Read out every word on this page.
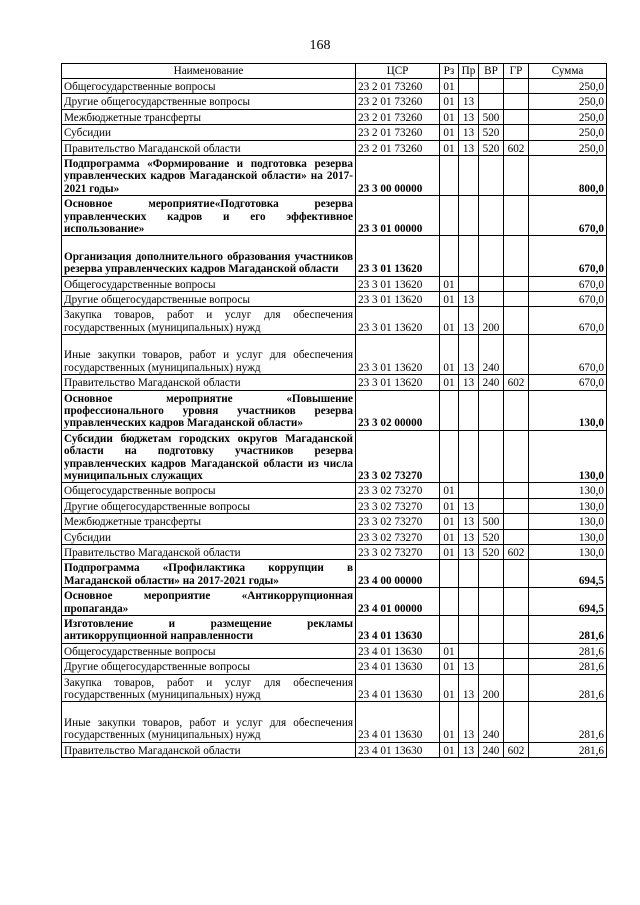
168
Наименование	ЦСР	Рз	Пр	ВР	ГР	Сумма
Общегосударственные вопросы	23 2 01 73260	01				250,0
Другие общегосударственные вопросы	23 2 01 73260	01	13			250,0
Межбюджетные трансферты	23 2 01 73260	01	13	500		250,0
Субсидии	23 2 01 73260	01	13	520		250,0
Правительство Магаданской области	23 2 01 73260	01	13	520	602	250,0
Подпрограмма «Формирование и подготовка резерва управленческих кадров Магаданской области» на 2017-2021 годы»	23 3 00 00000					800,0
Основное мероприятие«Подготовка резерва управленческих кадров и его эффективное использование»	23 3 01 00000					670,0
Организация дополнительного образования участников резерва управленческих кадров Магаданской области	23 3 01 13620					670,0
Общегосударственные вопросы	23 3 01 13620	01				670,0
Другие общегосударственные вопросы	23 3 01 13620	01	13			670,0
Закупка товаров, работ и услуг для обеспечения государственных (муниципальных) нужд	23 3 01 13620	01	13	200		670,0
Иные закупки товаров, работ и услуг для обеспечения государственных (муниципальных) нужд	23 3 01 13620	01	13	240		670,0
Правительство Магаданской области	23 3 01 13620	01	13	240	602	670,0
Основное мероприятие «Повышение профессионального уровня участников резерва управленческих кадров Магаданской области»	23 3 02 00000					130,0
Субсидии бюджетам городских округов Магаданской области на подготовку участников резерва управленческих кадров Магаданской области из числа муниципальных служащих	23 3 02 73270					130,0
Общегосударственные вопросы	23 3 02 73270	01				130,0
Другие общегосударственные вопросы	23 3 02 73270	01	13			130,0
Межбюджетные трансферты	23 3 02 73270	01	13	500		130,0
Субсидии	23 3 02 73270	01	13	520		130,0
Правительство Магаданской области	23 3 02 73270	01	13	520	602	130,0
Подпрограмма «Профилактика коррупции в Магаданской области» на 2017-2021 годы»	23 4 00 00000					694,5
Основное мероприятие «Антикоррупционная пропаганда»	23 4 01 00000					694,5
Изготовление и размещение рекламы антикоррупционной направленности	23 4 01 13630					281,6
Общегосударственные вопросы	23 4 01 13630	01				281,6
Другие общегосударственные вопросы	23 4 01 13630	01	13			281,6
Закупка товаров, работ и услуг для обеспечения государственных (муниципальных) нужд	23 4 01 13630	01	13	200		281,6
Иные закупки товаров, работ и услуг для обеспечения государственных (муниципальных) нужд	23 4 01 13630	01	13	240		281,6
Правительство Магаданской области	23 4 01 13630	01	13	240	602	281,6
